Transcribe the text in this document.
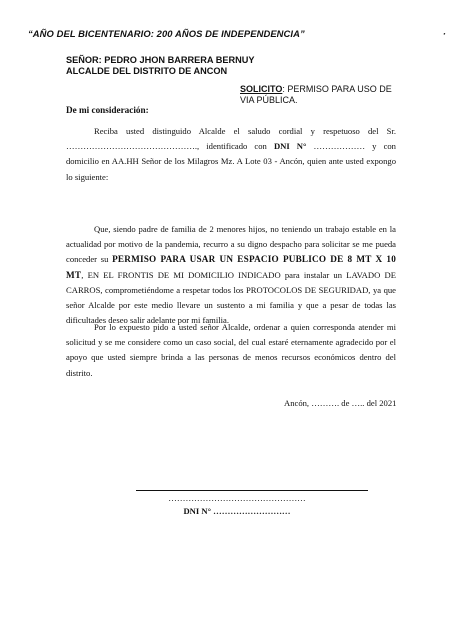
“AÑO DEL BICENTENARIO: 200 AÑOS DE INDEPENDENCIA”	·
SEÑOR: PEDRO JHON BARRERA BERNUY
ALCALDE DEL DISTRITO DE ANCON
SOLICITO: PERMISO PARA USO DE
VIA PÚBLICA.
De mi consideración:
Reciba usted distinguido Alcalde el saludo cordial y respetuoso del Sr. ………………………………………., identificado con DNI N° ……………… y con domicilio en AA.HH Señor de los Milagros Mz. A Lote 03 - Ancón, quien ante usted expongo lo siguiente:
Que, siendo padre de familia de 2 menores hijos, no teniendo un trabajo estable en la actualidad por motivo de la pandemia, recurro a su digno despacho para solicitar se me pueda conceder su PERMISO PARA USAR UN ESPACIO PUBLICO DE 8 MT X 10 MT, EN EL FRONTIS DE MI DOMICILIO INDICADO para instalar un LAVADO DE CARROS, comprometiéndome a respetar todos los PROTOCOLOS DE SEGURIDAD, ya que señor Alcalde por este medio llevare un sustento a mi familia y que a pesar de todas las dificultades deseo salir adelante por mi familia.
Por lo expuesto pido a usted señor Alcalde, ordenar a quien corresponda atender mi solicitud y se me considere como un caso social, del cual estaré eternamente agradecido por el apoyo que usted siempre brinda a las personas de menos recursos económicos dentro del distrito.
Ancón, ………. de ….. del 2021
…………………………………………
DNI N° ………………………
